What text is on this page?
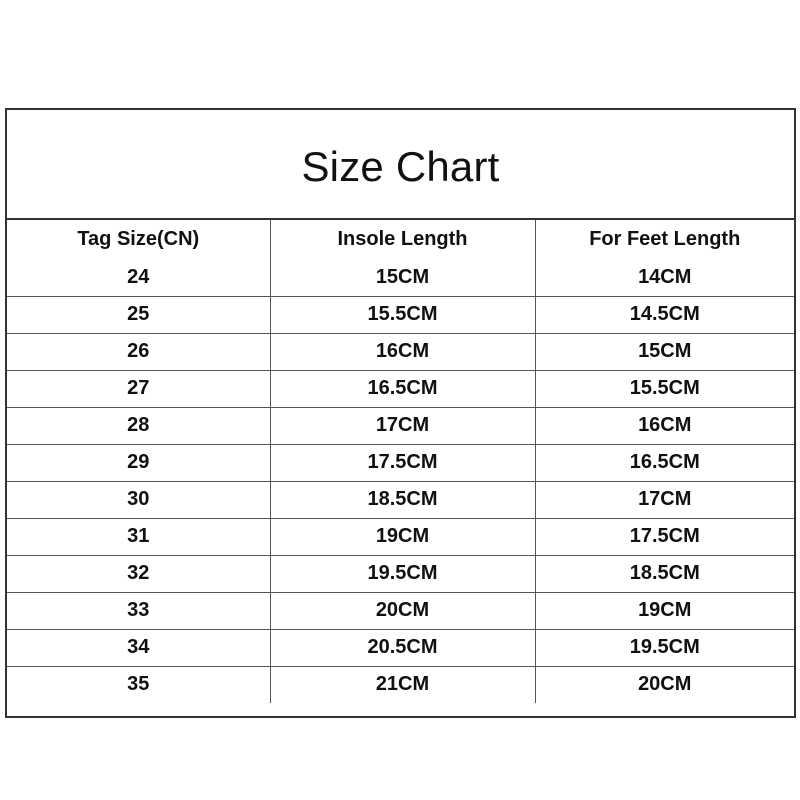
Size Chart
Tag Size(CN)	Insole Length	For Feet Length
24	15CM	14CM
25	15.5CM	14.5CM
26	16CM	15CM
27	16.5CM	15.5CM
28	17CM	16CM
29	17.5CM	16.5CM
30	18.5CM	17CM
31	19CM	17.5CM
32	19.5CM	18.5CM
33	20CM	19CM
34	20.5CM	19.5CM
35	21CM	20CM
